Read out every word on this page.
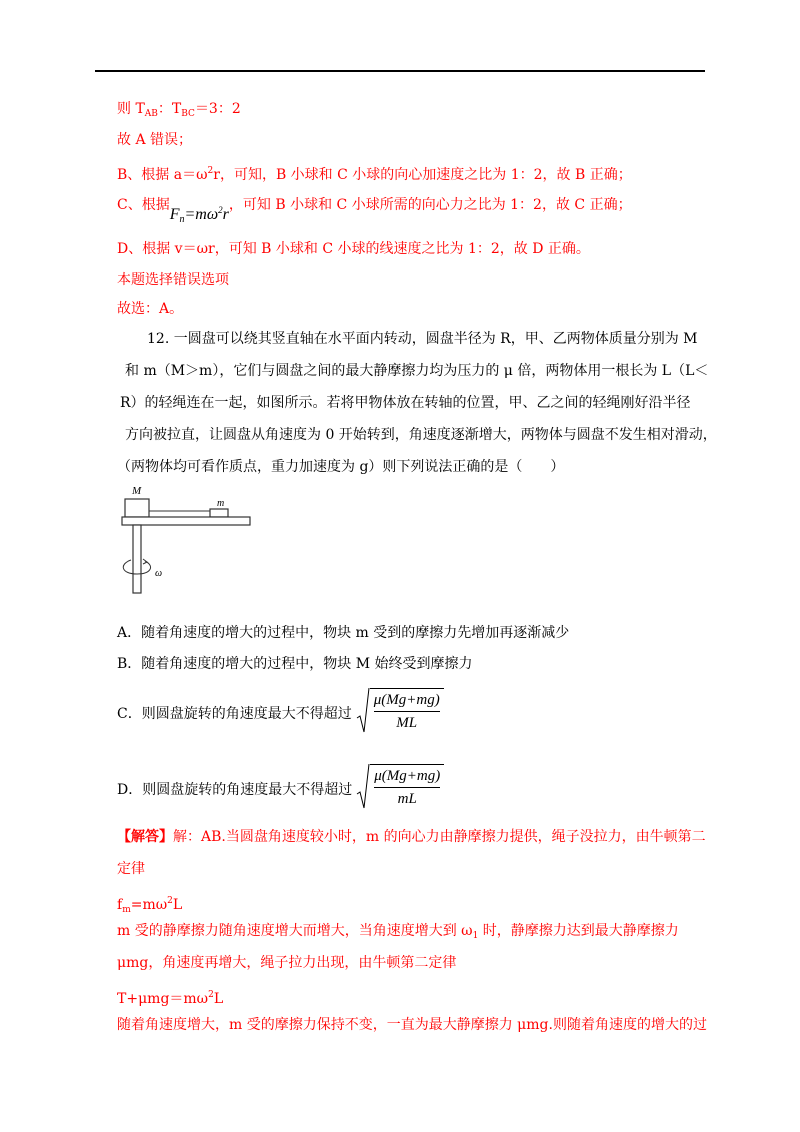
则 $T_{AB}$：$T_{BC}=3$：2
故 A 错误；
B、根据 $a=\omega^2r$，可知，B 小球和 C 小球的向心加速度之比为 1：2，故 B 正确；
C、根据$F_n=m\omega^2r$，可知 B 小球和 C 小球所需的向心力之比为 1：2，故 C 正确；
D、根据 v＝ωr，可知 B 小球和 C 小球的线速度之比为 1：2，故 D 正确。
本题选择错误选项
故选：A。
12. 一圆盘可以绕其竖直轴在水平面内转动，圆盘半径为 R，甲、乙两物体质量分别为 M
和 m（M＞m），它们与圆盘之间的最大静摩擦力均为压力的 μ 倍，两物体用一根长为 L（L＜
R）的轻绳连在一起，如图所示。若将甲物体放在转轴的位置，甲、乙之间的轻绳刚好沿半径
方向被拉直，让圆盘从角速度为 0 开始转到，角速度逐渐增大，两物体与圆盘不发生相对滑动，
（两物体均可看作质点，重力加速度为 g）则下列说法正确的是（　　）
M
m
ω
A．随着角速度的增大的过程中，物块 m 受到的摩擦力先增加再逐渐减少
B．随着角速度的增大的过程中，物块 M 始终受到摩擦力
C．则圆盘旋转的角速度最大不得超过 $\frac{\mu(Mg+mg)}{ML}$
D．则圆盘旋转的角速度最大不得超过 $\frac{\mu(Mg+mg)}{mL}$
【解答】解：AB.当圆盘角速度较小时，m 的向心力由静摩擦力提供，绳子没拉力，由牛顿第二
定律
$f_m=m\omega^2L$
m 受的静摩擦力随角速度增大而增大，当角速度增大到 $\omega_1$ 时，静摩擦力达到最大静摩擦力
μmg，角速度再增大，绳子拉力出现，由牛顿第二定律
$T+\mu mg=m\omega^2L$
随着角速度增大，m 受的摩擦力保持不变，一直为最大静摩擦力 μmg.则随着角速度的增大的过
